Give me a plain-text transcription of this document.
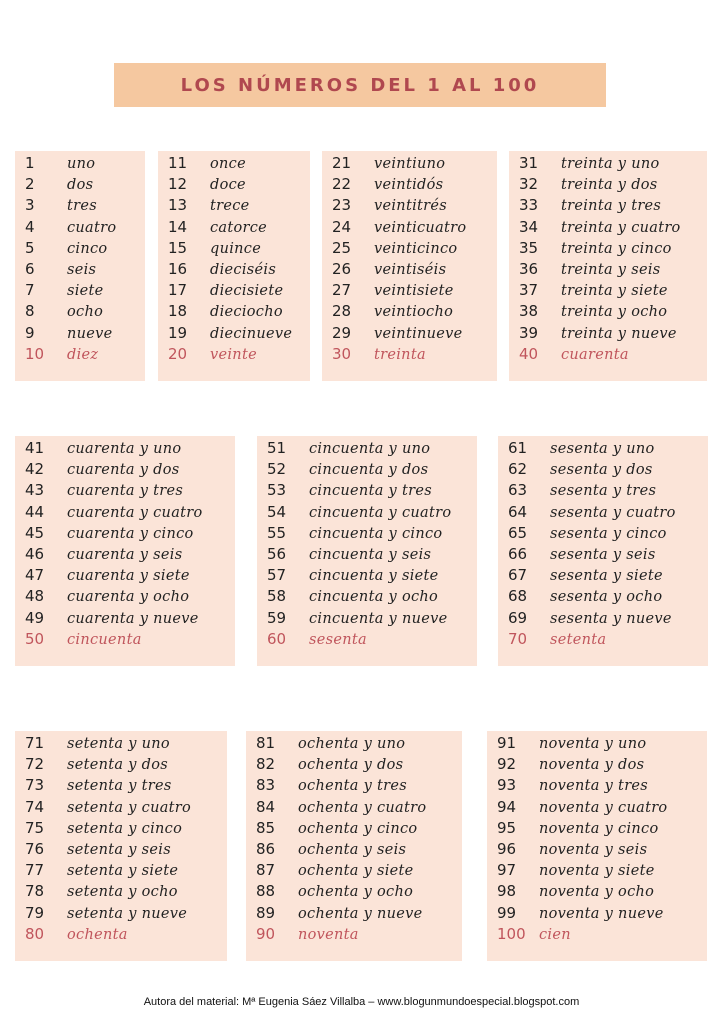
LOS NÚMEROS DEL 1 AL 100
1	uno
2	dos
3	tres
4	cuatro
5	cinco
6	seis
7	siete
8	ocho
9	nueve
10	diez
11	once
12	doce
13	trece
14	catorce
15	quince
16	dieciséis
17	diecisiete
18	dieciocho
19	diecinueve
20	veinte
21	veintiuno
22	veintidós
23	veintitrés
24	veinticuatro
25	veinticinco
26	veintiséis
27	veintisiete
28	veintiocho
29	veintinueve
30	treinta
31	treinta y uno
32	treinta y dos
33	treinta y tres
34	treinta y cuatro
35	treinta y cinco
36	treinta y seis
37	treinta y siete
38	treinta y ocho
39	treinta y nueve
40	cuarenta
41	cuarenta y uno
42	cuarenta y dos
43	cuarenta y tres
44	cuarenta y cuatro
45	cuarenta y cinco
46	cuarenta y seis
47	cuarenta y siete
48	cuarenta y ocho
49	cuarenta y nueve
50	cincuenta
51	cincuenta y uno
52	cincuenta y dos
53	cincuenta y tres
54	cincuenta y cuatro
55	cincuenta y cinco
56	cincuenta y seis
57	cincuenta y siete
58	cincuenta y ocho
59	cincuenta y nueve
60	sesenta
61	sesenta y uno
62	sesenta y dos
63	sesenta y tres
64	sesenta y cuatro
65	sesenta y cinco
66	sesenta y seis
67	sesenta y siete
68	sesenta y ocho
69	sesenta y nueve
70	setenta
71	setenta y uno
72	setenta y dos
73	setenta y tres
74	setenta y cuatro
75	setenta y cinco
76	setenta y seis
77	setenta y siete
78	setenta y ocho
79	setenta y nueve
80	ochenta
81	ochenta y uno
82	ochenta y dos
83	ochenta y tres
84	ochenta y cuatro
85	ochenta y cinco
86	ochenta y seis
87	ochenta y siete
88	ochenta y ocho
89	ochenta y nueve
90	noventa
91	noventa y uno
92	noventa y dos
93	noventa y tres
94	noventa y cuatro
95	noventa y cinco
96	noventa y seis
97	noventa y siete
98	noventa y ocho
99	noventa y nueve
100 cien
Autora del material: Mª Eugenia Sáez Villalba – www.blogunmundoespecial.blogspot.com
